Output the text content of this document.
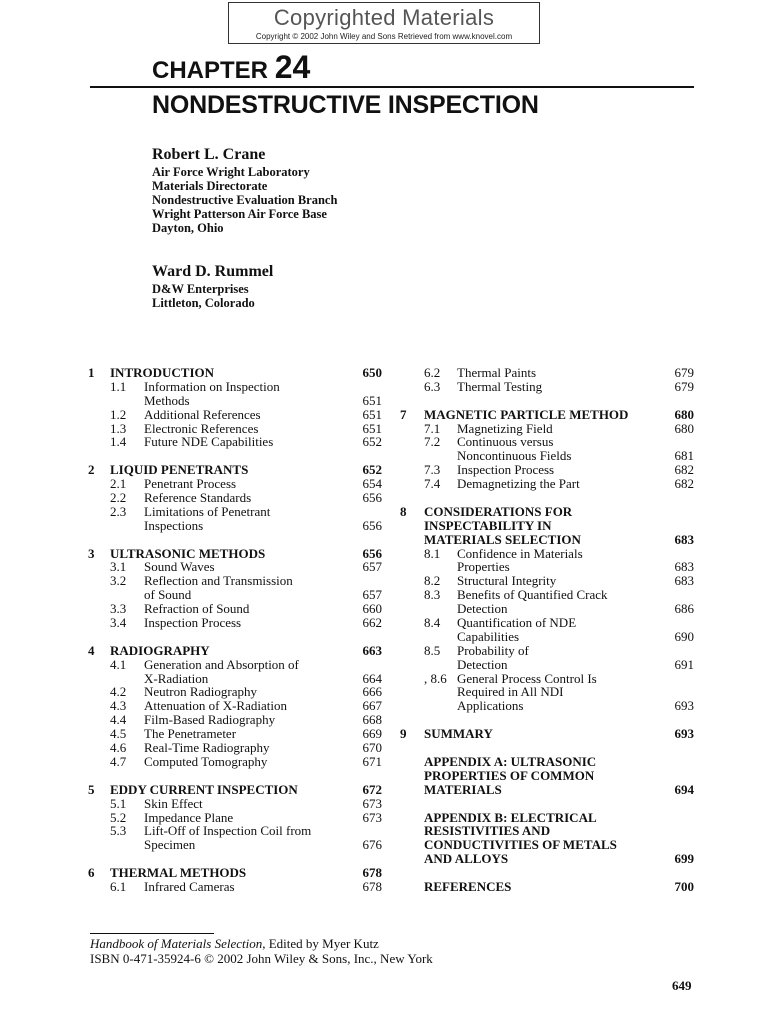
Copyrighted Materials
Copyright © 2002 John Wiley and Sons Retrieved from www.knovel.com
CHAPTER 24
NONDESTRUCTIVE INSPECTION
Robert L. Crane
Air Force Wright Laboratory
Materials Directorate
Nondestructive Evaluation Branch
Wright Patterson Air Force Base
Dayton, Ohio
Ward D. Rummel
D&W Enterprises
Littleton, Colorado
1 INTRODUCTION	650
1.1 Information on Inspection
Methods	651
1.2 Additional References	651
1.3 Electronic References	651
1.4 Future NDE Capabilities	652
2 LIQUID PENETRANTS	652
2.1 Penetrant Process	654
2.2 Reference Standards	656
2.3 Limitations of Penetrant
Inspections	656
3 ULTRASONIC METHODS	656
3.1 Sound Waves	657
3.2 Reflection and Transmission
of Sound	657
3.3 Refraction of Sound	660
3.4 Inspection Process	662
4 RADIOGRAPHY	663
4.1 Generation and Absorption of
X-Radiation	664
4.2 Neutron Radiography	666
4.3 Attenuation of X-Radiation	667
4.4 Film-Based Radiography	668
4.5 The Penetrameter	669
4.6 Real-Time Radiography	670
4.7 Computed Tomography	671
5 EDDY CURRENT INSPECTION	672
5.1 Skin Effect	673
5.2 Impedance Plane	673
5.3 Lift-Off of Inspection Coil from
Specimen	676
6 THERMAL METHODS	678
6.1 Infrared Cameras	678
6.2 Thermal Paints	679
6.3 Thermal Testing	679
7 MAGNETIC PARTICLE METHOD	680
7.1 Magnetizing Field	680
7.2 Continuous versus
Noncontinuous Fields	681
7.3 Inspection Process	682
7.4 Demagnetizing the Part	682
8 CONSIDERATIONS FOR
INSPECTABILITY IN
MATERIALS SELECTION	683
8.1 Confidence in Materials
Properties	683
8.2 Structural Integrity	683
8.3 Benefits of Quantified Crack
Detection	686
8.4 Quantification of NDE
Capabilities	690
8.5 Probability of
Detection	691
, 8.6 General Process Control Is
Required in All NDI
Applications	693
9 SUMMARY	693
APPENDIX A: ULTRASONIC
PROPERTIES OF COMMON
MATERIALS	694
APPENDIX B: ELECTRICAL
RESISTIVITIES AND
CONDUCTIVITIES OF METALS
AND ALLOYS	699
REFERENCES	700
Handbook of Materials Selection, Edited by Myer Kutz
ISBN 0-471-35924-6 © 2002 John Wiley & Sons, Inc., New York
649
